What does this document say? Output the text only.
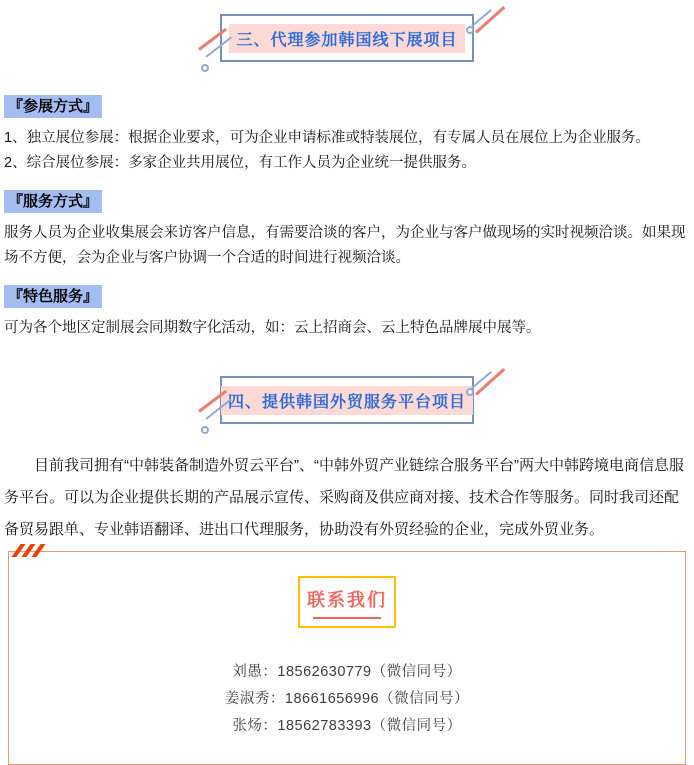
三、代理参加韩国线下展项目
『参展方式』

1、独立展位参展：根据企业要求，可为企业申请标准或特装展位，有专属人员在展位上为企业服务。

2、综合展位参展：多家企业共用展位，有工作人员为企业统一提供服务。

『服务方式』

服务人员为企业收集展会来访客户信息，有需要洽谈的客户，为企业与客户做现场的实时视频洽谈。如果现场不方便，会为企业与客户协调一个合适的时间进行视频洽谈。

『特色服务』

可为各个地区定制展会同期数字化活动，如：云上招商会、云上特色品牌展中展等。

四、提供韩国外贸服务平台项目

目前我司拥有“中韩装备制造外贸云平台”、“中韩外贸产业链综合服务平台”两大中韩跨境电商信息服务平台。可以为企业提供长期的产品展示宣传、采购商及供应商对接、技术合作等服务。同时我司还配备贸易跟单、专业韩语翻译、进出口代理服务，协助没有外贸经验的企业，完成外贸业务。

联系我们

刘愚：18562630779（微信同号）

姜淑秀：18661656996（微信同号）

张炀：18562783393（微信同号）
